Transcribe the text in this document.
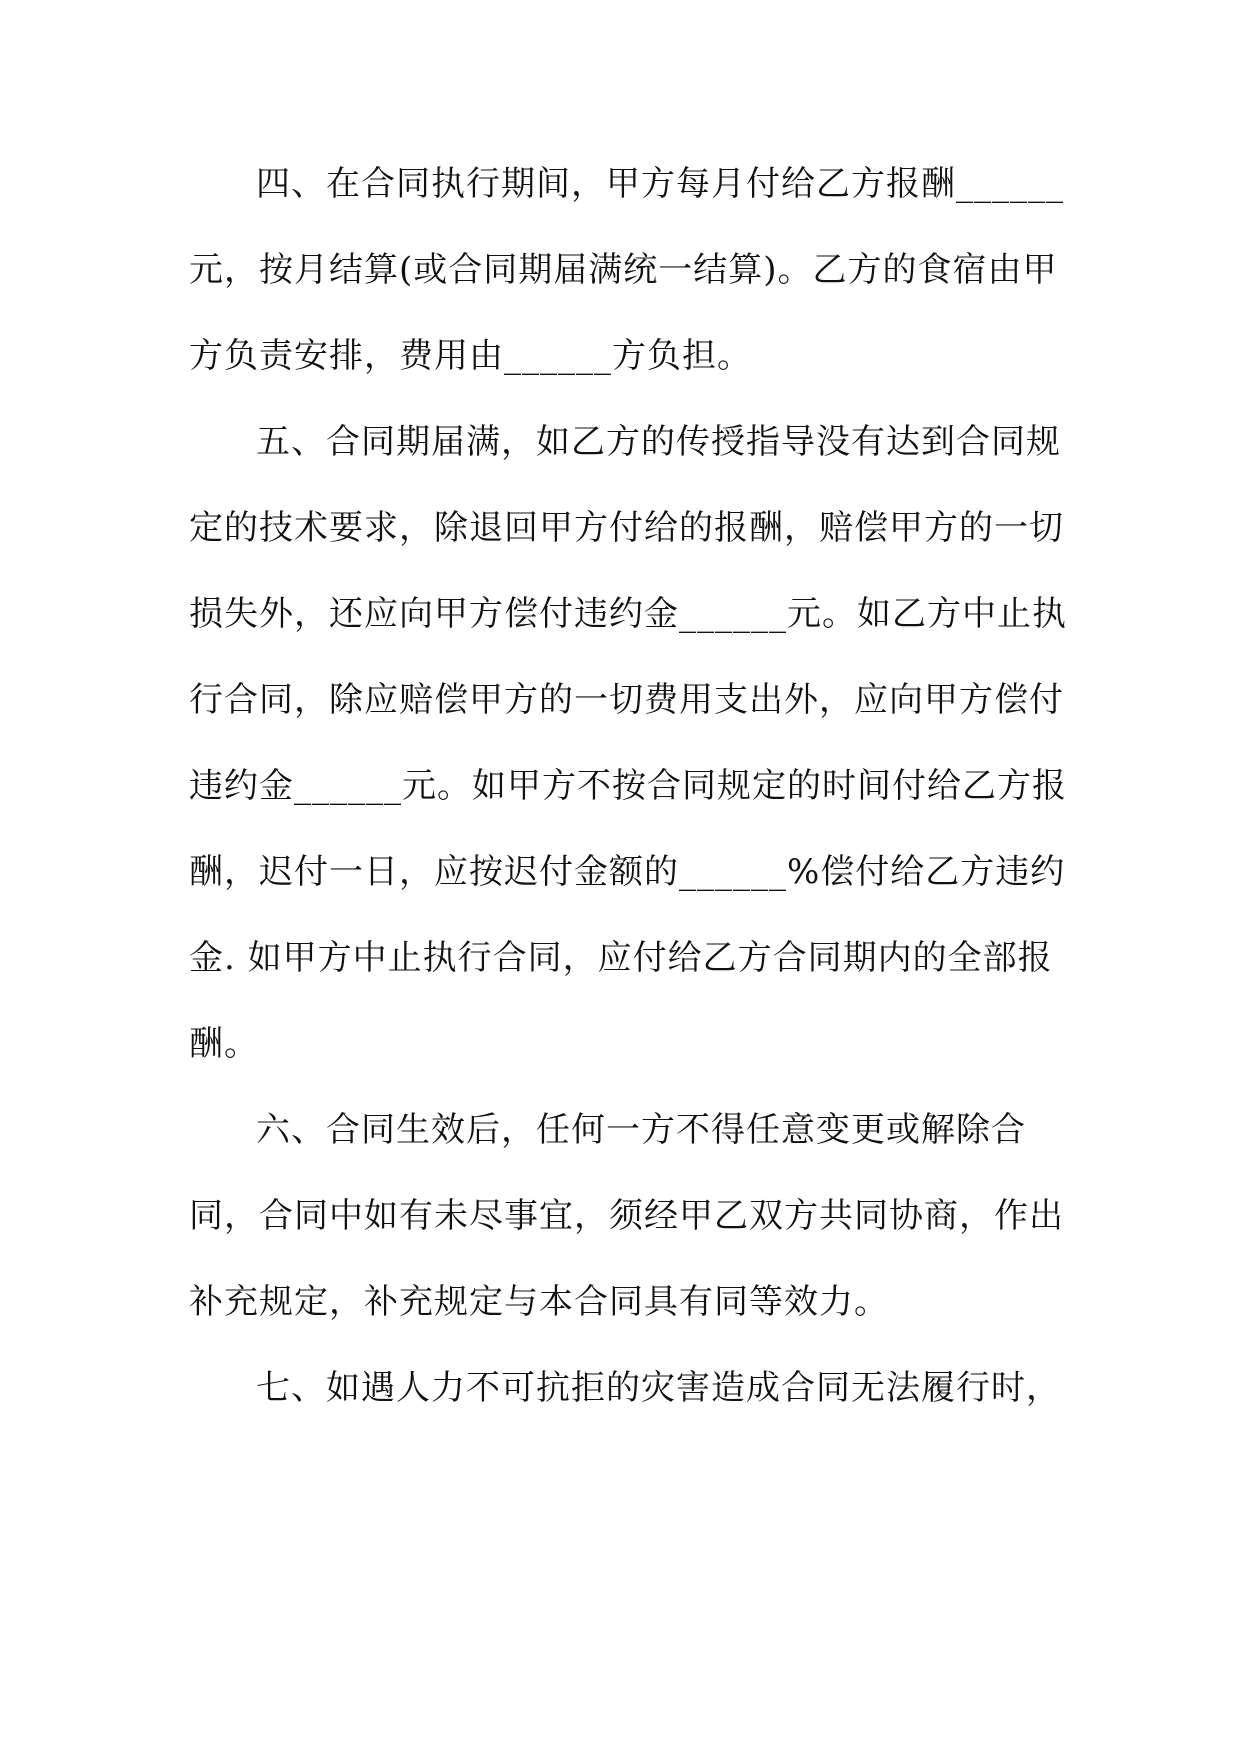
四、在合同执行期间，甲方每月付给乙方报酬______
元，按月结算(或合同期届满统一结算)。乙方的食宿由甲
方负责安排，费用由______方负担。
五、合同期届满，如乙方的传授指导没有达到合同规
定的技术要求，除退回甲方付给的报酬，赔偿甲方的一切
损失外，还应向甲方偿付违约金______元。如乙方中止执
行合同，除应赔偿甲方的一切费用支出外，应向甲方偿付
违约金______元。如甲方不按合同规定的时间付给乙方报
酬，迟付一日，应按迟付金额的______%偿付给乙方违约
金. 如甲方中止执行合同，应付给乙方合同期内的全部报
酬。
六、合同生效后，任何一方不得任意变更或解除合
同，合同中如有未尽事宜，须经甲乙双方共同协商，作出
补充规定，补充规定与本合同具有同等效力。
七、如遇人力不可抗拒的灾害造成合同无法履行时，
